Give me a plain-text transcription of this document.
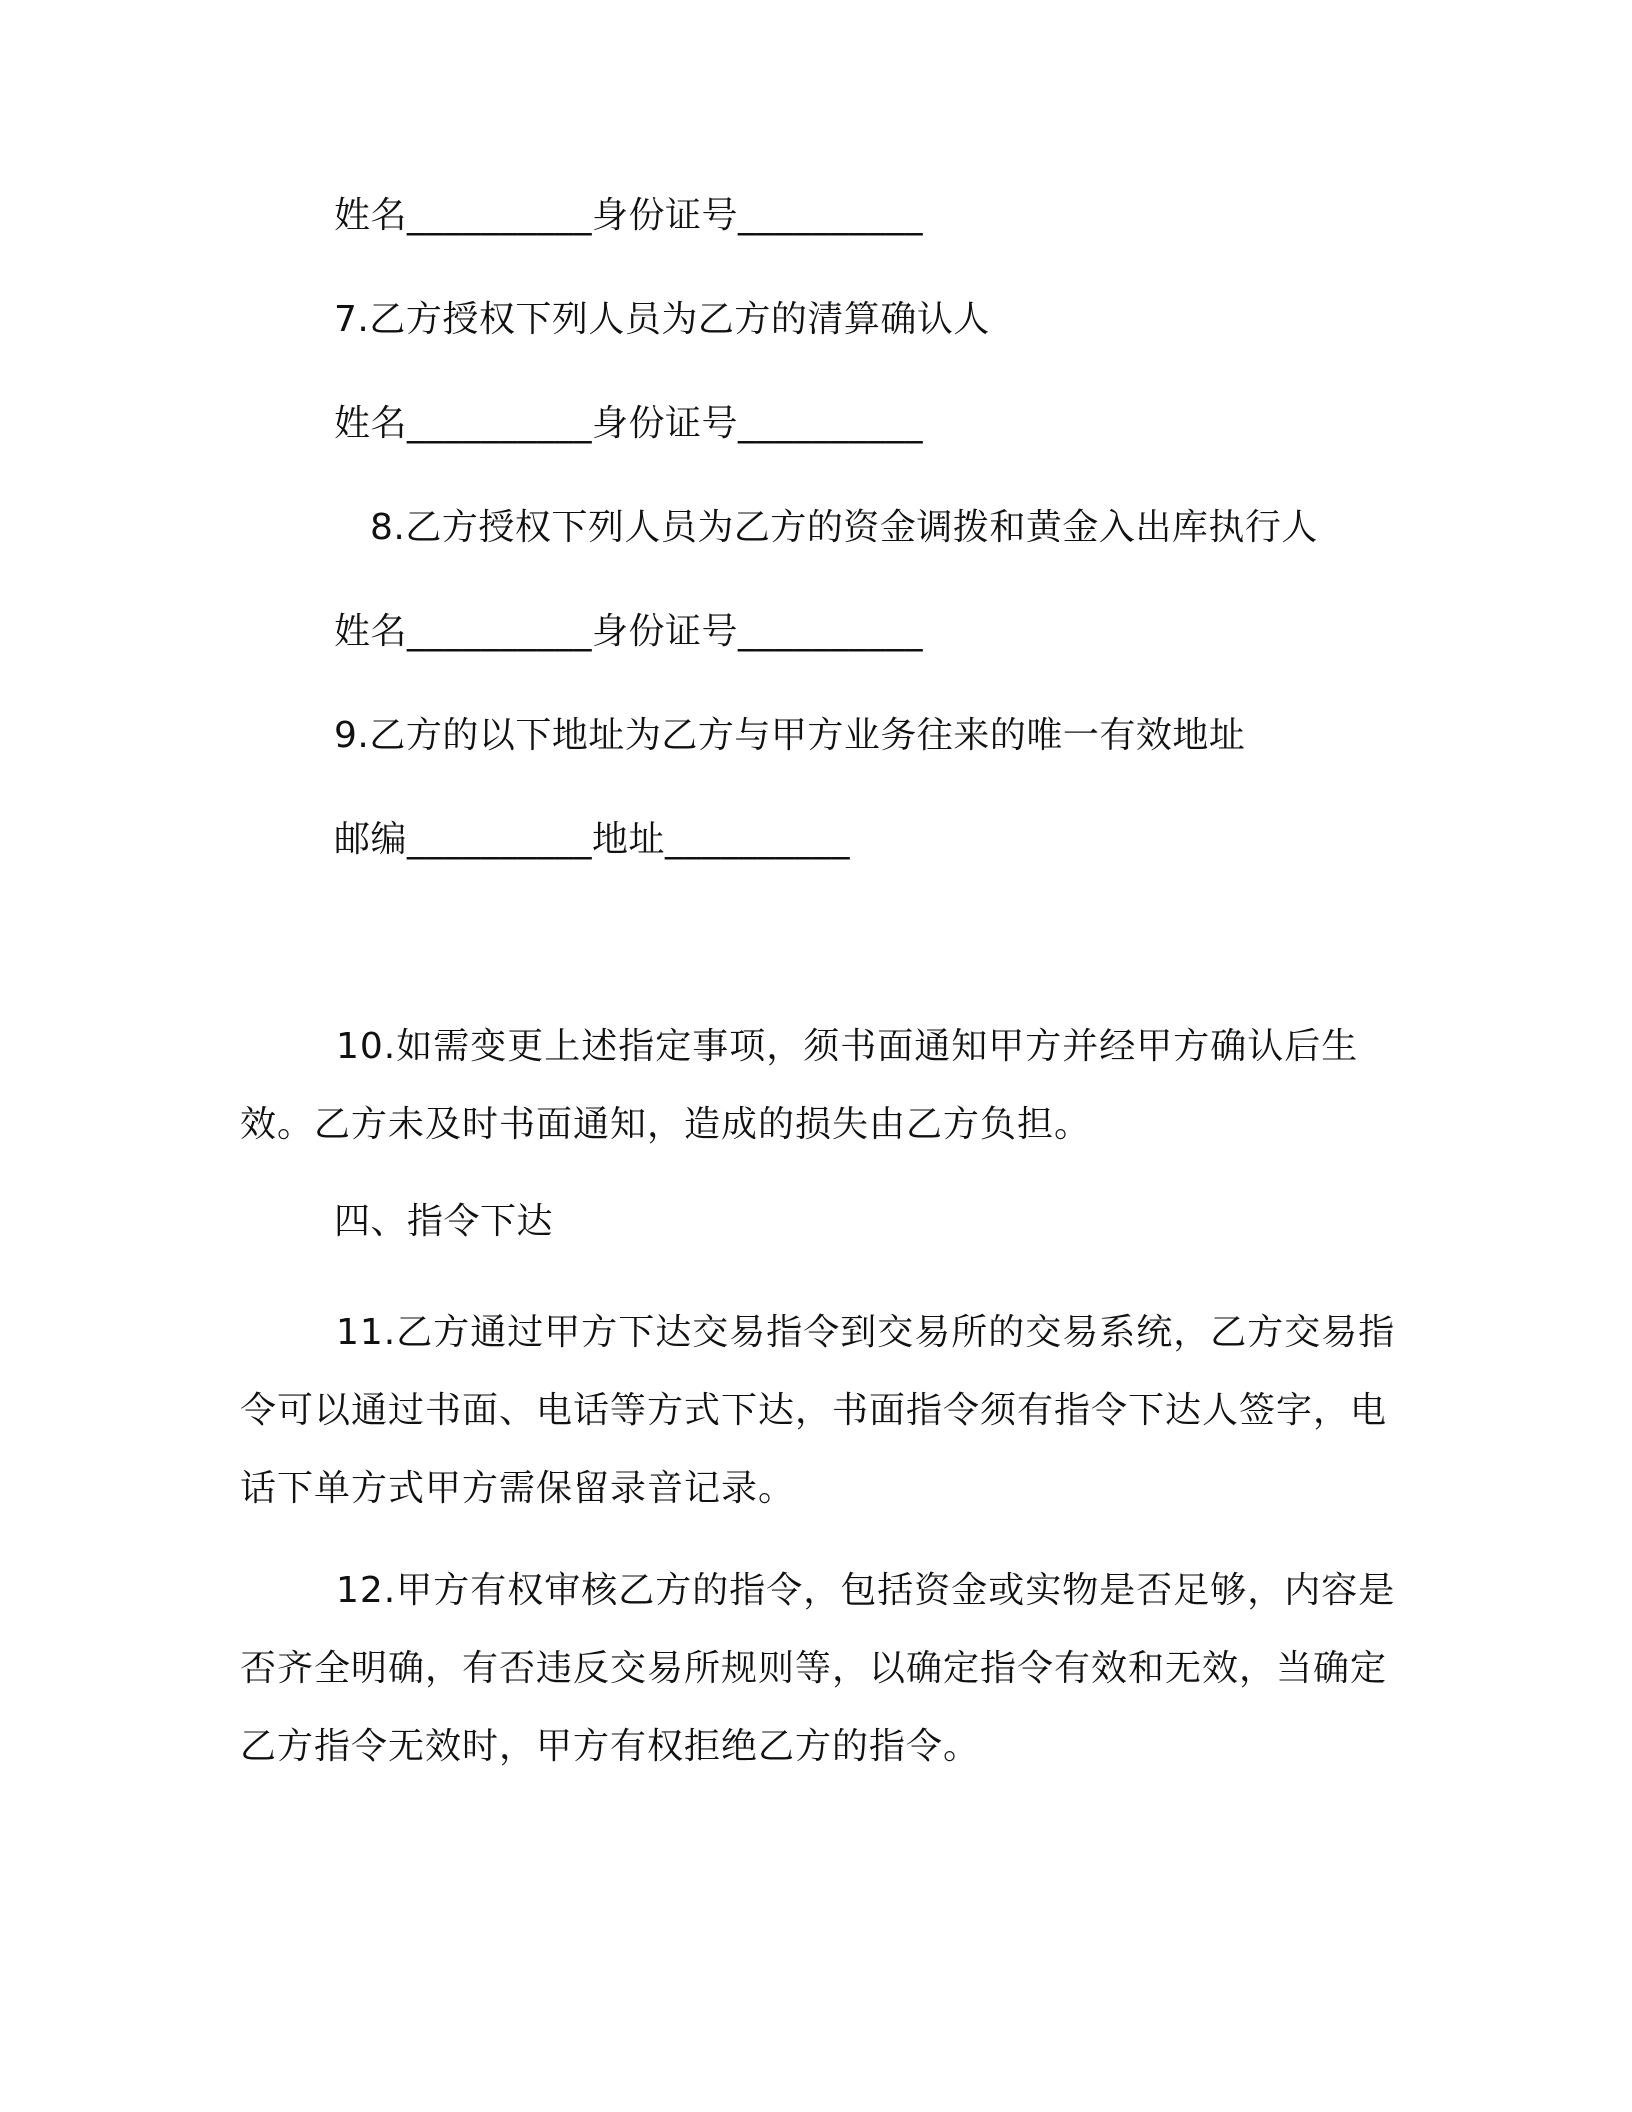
姓名__________身份证号__________
7.乙方授权下列人员为乙方的清算确认人
姓名__________身份证号__________
8.乙方授权下列人员为乙方的资金调拨和黄金入出库执行人
姓名__________身份证号__________
9.乙方的以下地址为乙方与甲方业务往来的唯一有效地址
邮编__________地址__________
10.如需变更上述指定事项，须书面通知甲方并经甲方确认后生效。乙方未及时书面通知，造成的损失由乙方负担。
四、指令下达
11.乙方通过甲方下达交易指令到交易所的交易系统，乙方交易指令可以通过书面、电话等方式下达，书面指令须有指令下达人签字，电话下单方式甲方需保留录音记录。
12.甲方有权审核乙方的指令，包括资金或实物是否足够，内容是否齐全明确，有否违反交易所规则等，以确定指令有效和无效，当确定乙方指令无效时，甲方有权拒绝乙方的指令。
